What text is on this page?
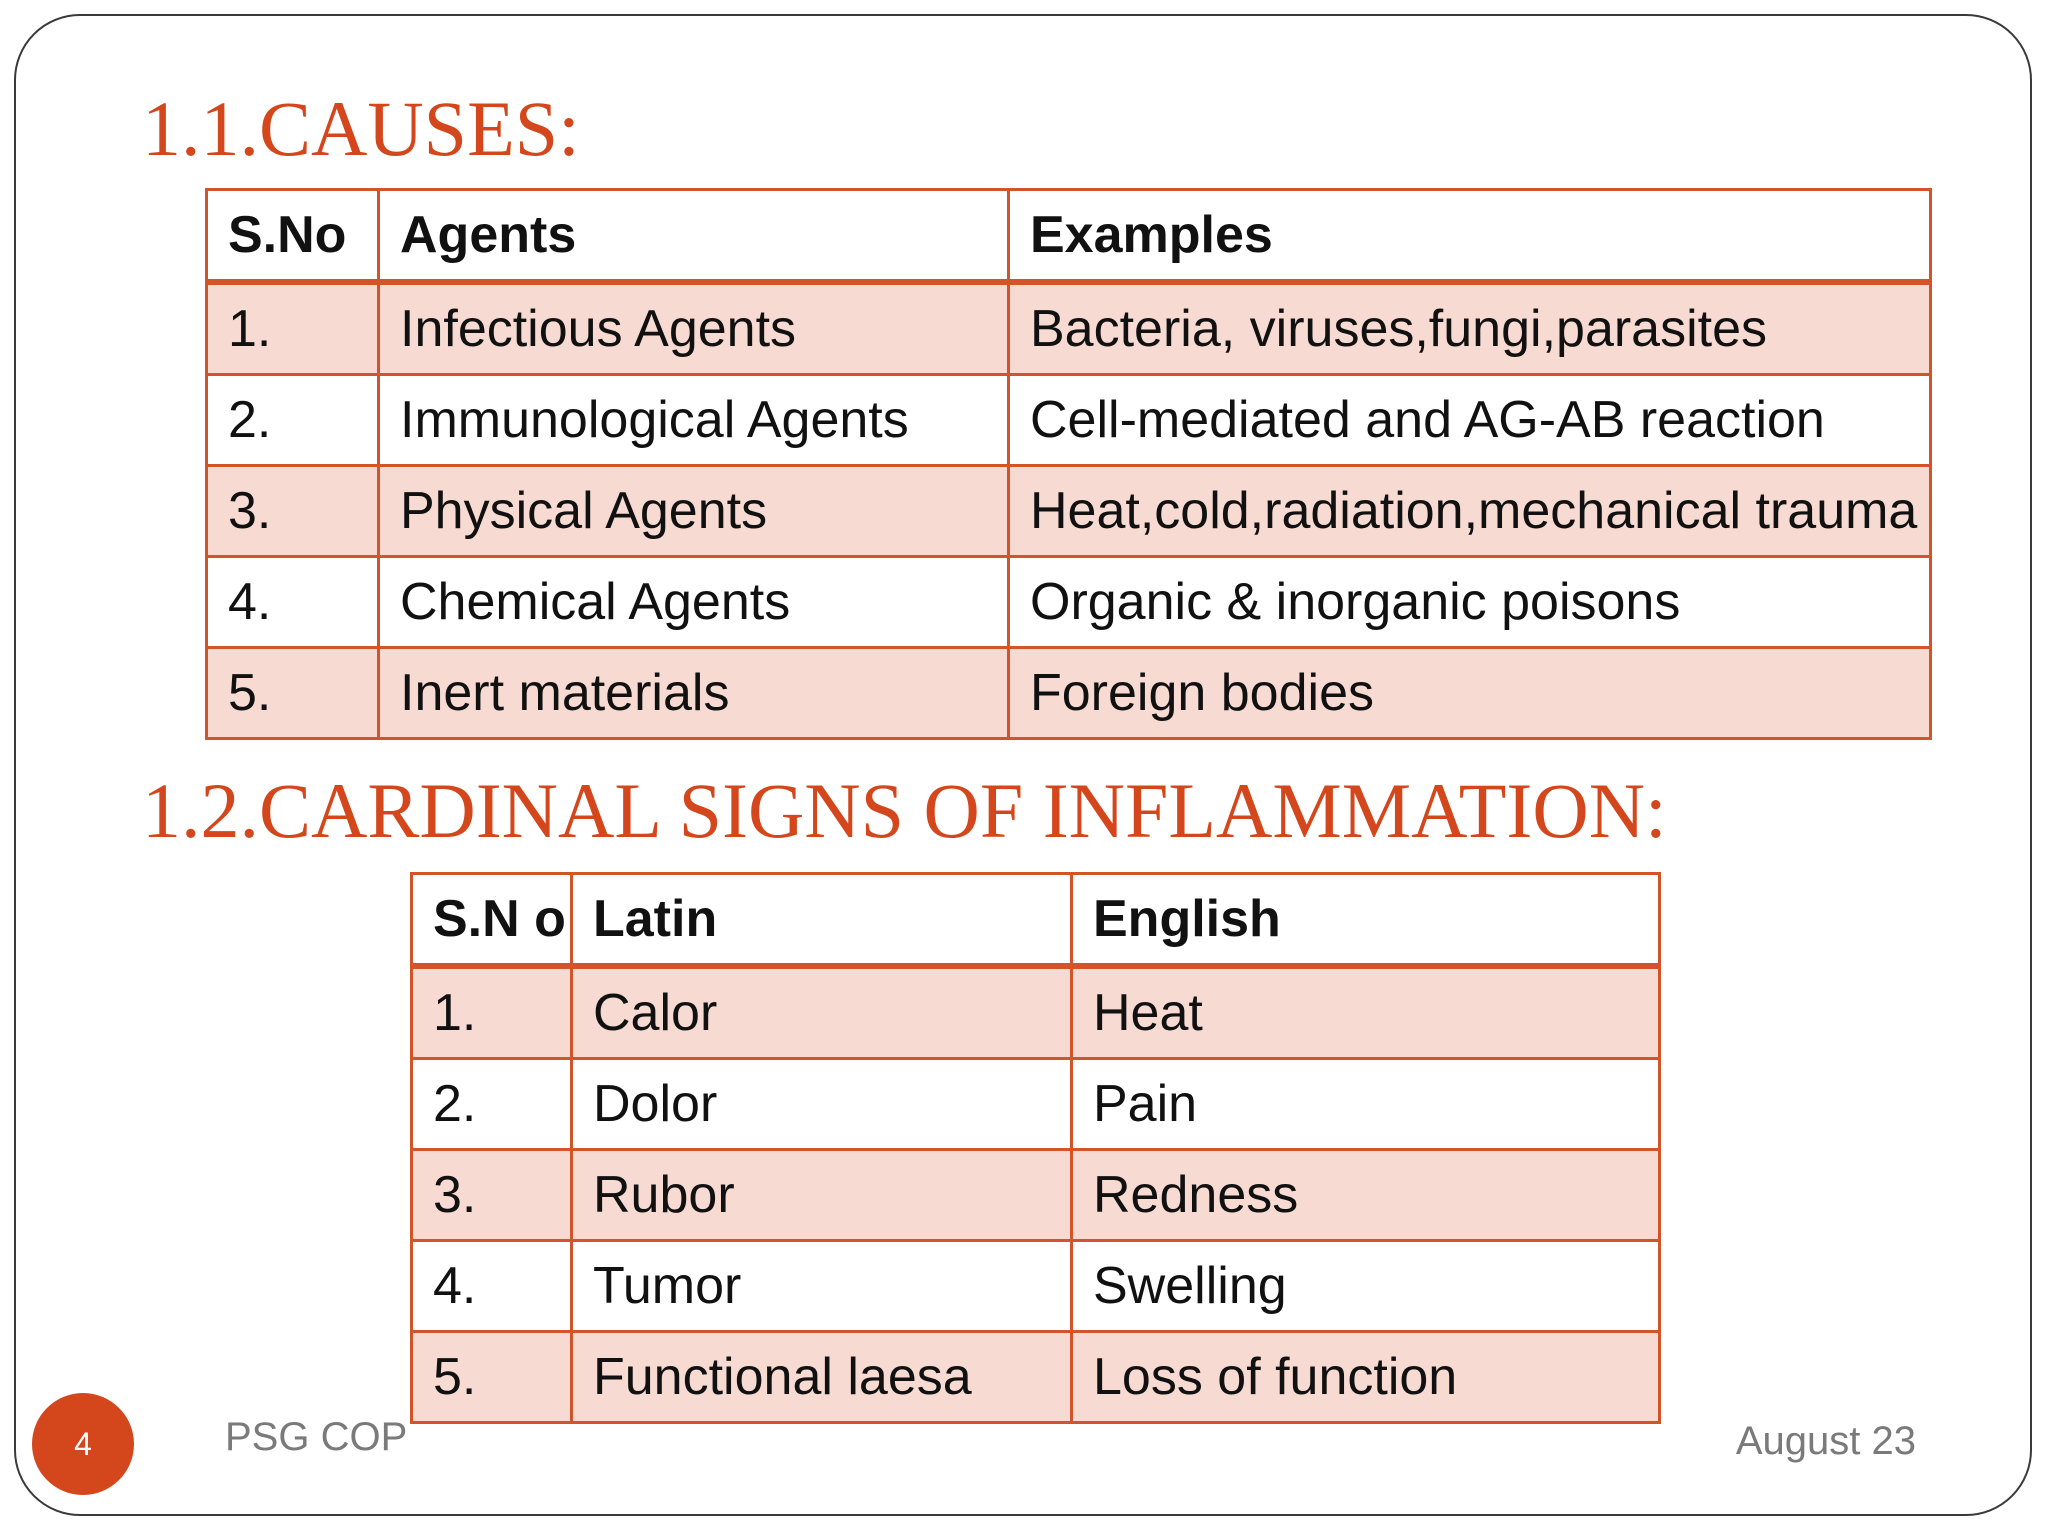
1.1.CAUSES:
S.No	Agents	Examples
1.	Infectious Agents	Bacteria, viruses,fungi,parasites
2.	Immunological Agents	Cell-mediated and AG-AB reaction
3.	Physical Agents	Heat,cold,radiation,mechanical trauma
4.	Chemical Agents	Organic & inorganic poisons
5.	Inert materials	Foreign bodies
1.2.CARDINAL SIGNS OF INFLAMMATION:
S.N o	Latin	English
1.	Calor	Heat
2.	Dolor	Pain
3.	Rubor	Redness
4.	Tumor	Swelling
5.	Functional laesa	Loss of function
4	PSG COP	August 23
